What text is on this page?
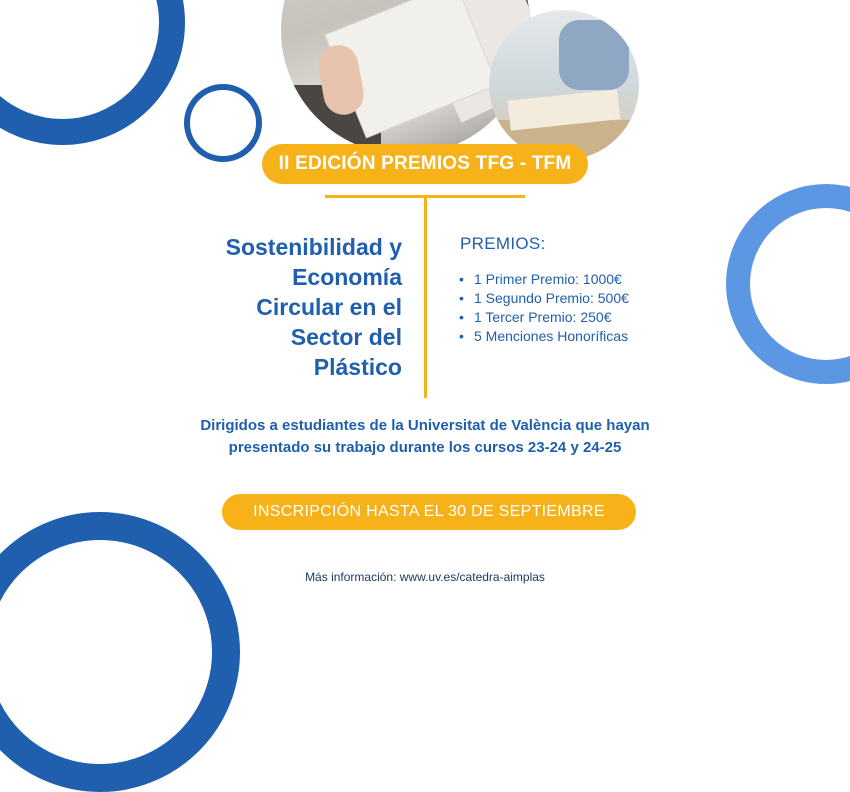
II EDICIÓN PREMIOS TFG - TFM
Sostenibilidad y
Economía
Circular en el
Sector del
Plástico
PREMIOS:
• 1 Primer Premio: 1000€
• 1 Segundo Premio: 500€
• 1 Tercer Premio: 250€
• 5 Menciones Honoríficas
Dirigidos a estudiantes de la Universitat de València que hayan
presentado su trabajo durante los cursos 23-24 y 24-25
INSCRIPCIÓN HASTA EL 30 DE SEPTIEMBRE
Más información: www.uv.es/catedra-aimplas
